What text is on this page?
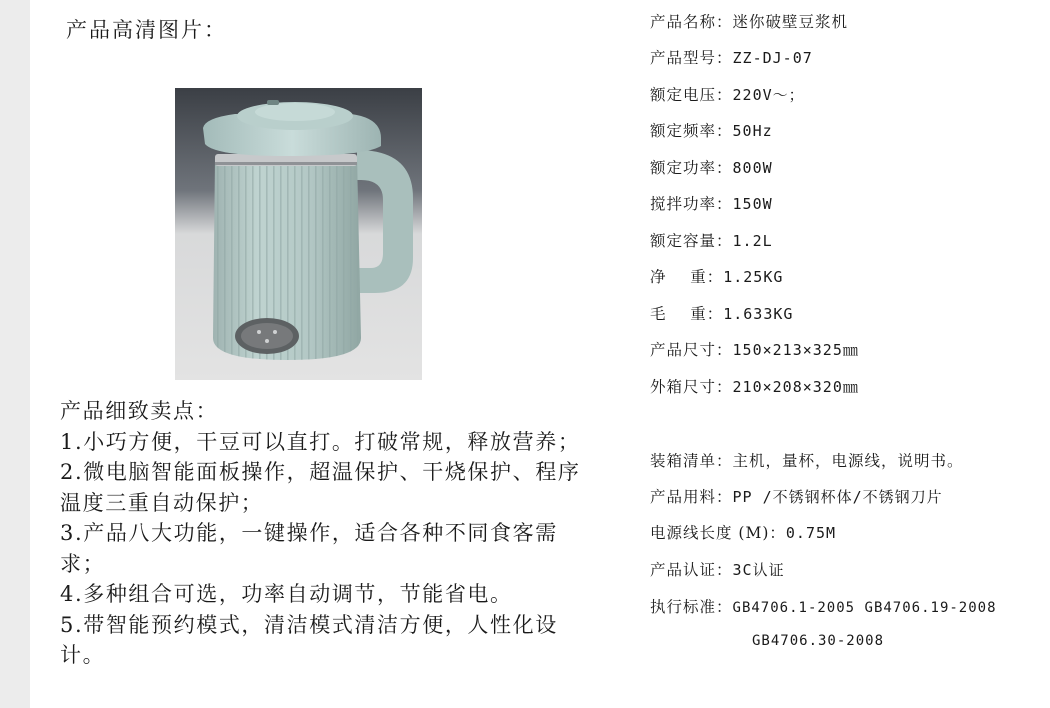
产品高清图片：

产品细致卖点：

1.小巧方便，干豆可以直打。打破常规，释放营养；

2.微电脑智能面板操作，超温保护、干烧保护、程序温度三重自动保护；

3.产品八大功能，一键操作，适合各种不同食客需求；

4.多种组合可选，功率自动调节，节能省电。

5.带智能预约模式，清洁模式清洁方便，人性化设计。

产品名称：迷你破壁豆浆机
产品型号：ZZ-DJ-07
额定电压：220V～；
额定频率：50Hz
额定功率：800W
搅拌功率：150W
额定容量：1.2L
净    重：1.25KG
毛    重：1.633KG
产品尺寸：150×213×325㎜
外箱尺寸：210×208×320㎜
装箱清单：主机，量杯，电源线，说明书。
产品用料：PP /不锈钢杯体/不锈钢刀片
电源线长度 (M)：0.75M
产品认证：3C认证
执行标准：GB4706.1-2005 GB4706.19-2008
GB4706.30-2008
